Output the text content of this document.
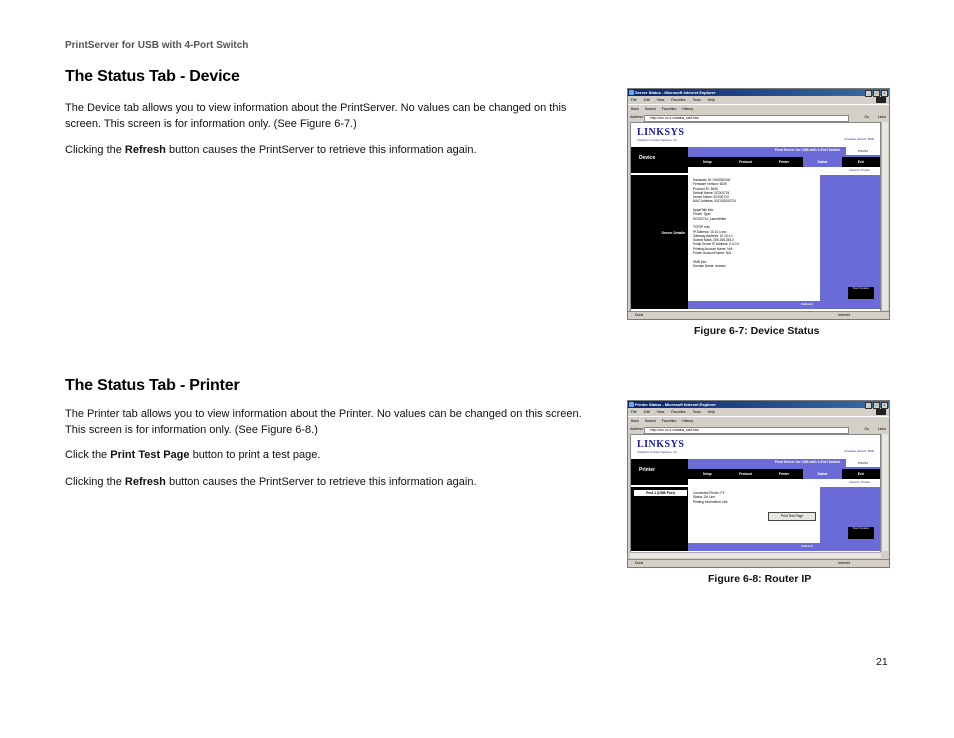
PrintServer for USB with 4-Port Switch
The Status Tab - Device
The Device tab allows you to view information about the PrintServer. No values can be changed on this screen. This screen is for information only. (See Figure 6-7.)
Clicking the Refresh button causes the PrintServer to retrieve this information again.
Server Status - Microsoft Internet Explorer	_	□	×
File Edit View Favorites Tools Help
Back Search Favorites History
Address	http://xxx.xx.x.x/status_stat.htm	Go	Links
LINKSYS
A Division of Cisco Systems, Inc.	Firmware Version: 6039
Device
Print Server for USB with 4-Port Switch	PSUS4
Setup	Protocol	Printer	Status	Exit
Device | Printer
Server Details
Hardware ID: 0400000000
Firmware Version: 6039
Protocol ID: 3845
Default Name: SC000724
Server Name: SC000724
MAC Address: 00C002000724

AppleTalk Info:
Printer Type:
SC000724_LaserWriter

TCP/IP Info:
IP Address: 10.10.x.xxx
Gateway Address: 10.10.x.1
Subnet Mask: 255.255.255.0
Email Server IP Address: 0.0.0.0
Printing Account Name: N/A
Printer Account Name: N/A

SMB Info:
Domain Name: domain
Cisco Systems
Refresh
Done	Internet
Figure 6-7: Device Status
The Status Tab - Printer
The Printer tab allows you to view information about the Printer. No values can be changed on this screen. This screen is for information only. (See Figure 6-8.)
Click the Print Test Page button to print a test page.
Clicking the Refresh button causes the PrintServer to retrieve this information again.
Printer Status - Microsoft Internet Explorer	_	□	×
File Edit View Favorites Tools Help
Back Search Favorites History
Address	http://xxx.xx.x.x/status_stat.htm	Go	Links
LINKSYS
A Division of Cisco Systems, Inc.	Firmware Version: 6039
Printer
Print Server for USB with 4-Port Switch	PSUS4
Setup	Protocol	Printer	Status	Exit
Device | Printer
Port 1 (USB Port)	Connected Printer: P1
Status: On Line
Printing Information: Idle
Print Test Page
Cisco Systems
Refresh
Done	Internet
Figure 6-8: Router IP
21
